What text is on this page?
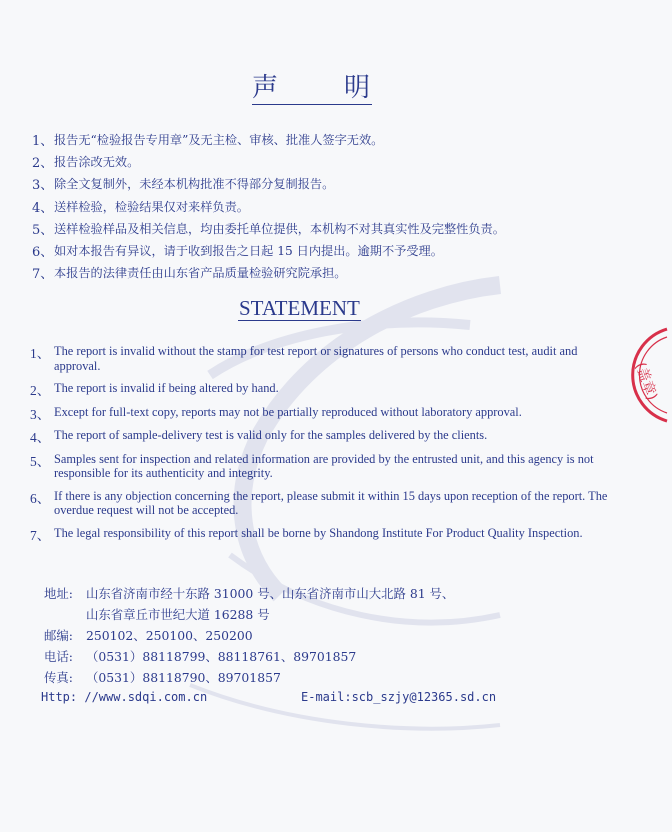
(盖章)
声 明
1、 报告无“检验报告专用章”及无主检、审核、批准人签字无效。
2、 报告涂改无效。
3、 除全文复制外，未经本机构批准不得部分复制报告。
4、 送样检验，检验结果仅对来样负责。
5、 送样检验样品及相关信息，均由委托单位提供，本机构不对其真实性及完整性负责。
6、 如对本报告有异议，请于收到报告之日起 15 日内提出。逾期不予受理。
7、 本报告的法律责任由山东省产品质量检验研究院承担。
STATEMENT
1、 The report is invalid without the stamp for test report or signatures of persons who conduct test, audit and approval.
2、 The report is invalid if being altered by hand.
3、 Except for full-text copy, reports may not be partially reproduced without laboratory approval.
4、 The report of sample-delivery test is valid only for the samples delivered by the clients.
5、 Samples sent for inspection and related information are provided by the entrusted unit, and this agency is not responsible for its authenticity and integrity.
6、 If there is any objection concerning the report, please submit it within 15 days upon reception of the report. The overdue request will not be accepted.
7、 The legal responsibility of this report shall be borne by Shandong Institute For Product Quality Inspection.
地址:	山东省济南市经十东路 31000 号、山东省济南市山大北路 81 号、
山东省章丘市世纪大道 16288 号
邮编:	250102、250100、250200
电话:	（0531）88118799、88118761、89701857
传真:	（0531）88118790、89701857
Http: //www.sdqi.com.cn	E-mail:scb_szjy@12365.sd.cn
